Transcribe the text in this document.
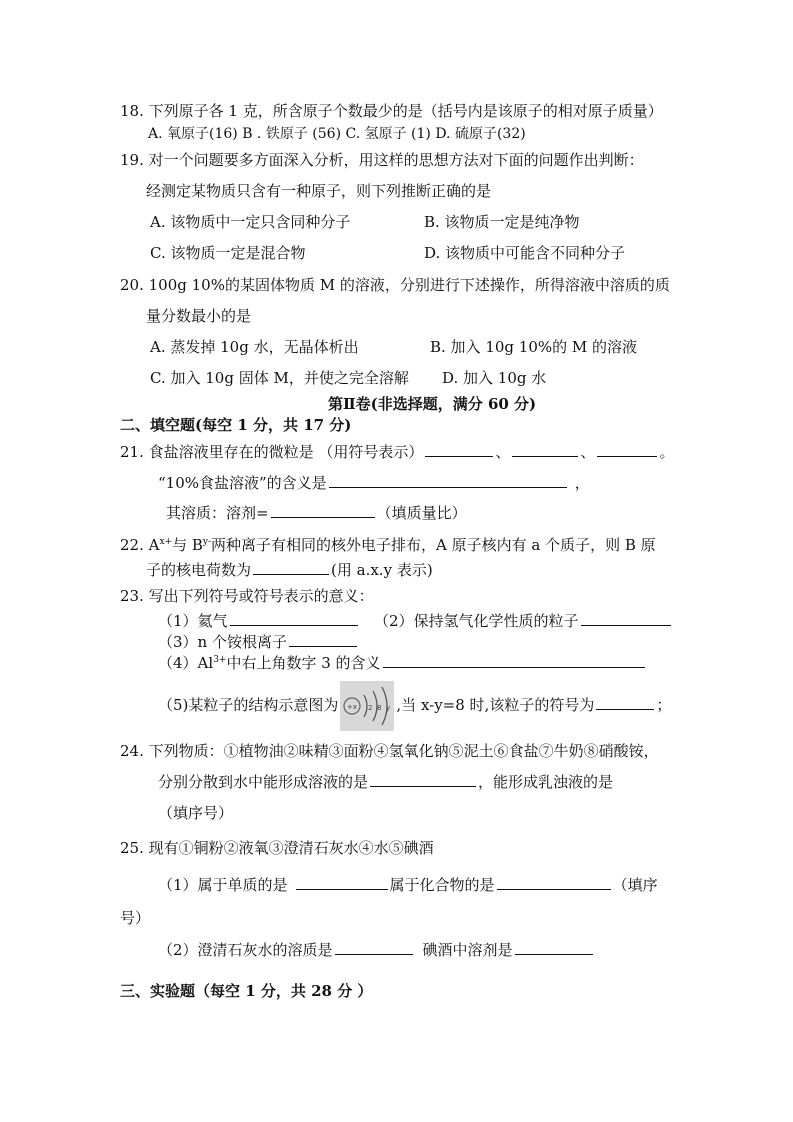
18. 下列原子各 1 克，所含原子个数最少的是（括号内是该原子的相对原子质量）
A. 氧原子(16) B . 铁原子 (56) C. 氢原子 (1) D. 硫原子(32)
19. 对一个问题要多方面深入分析，用这样的思想方法对下面的问题作出判断：
经测定某物质只含有一种原子，则下列推断正确的是
A. 该物质中一定只含同种分子	B. 该物质一定是纯净物
C. 该物质一定是混合物	D. 该物质中可能含不同种分子
20. 100g 10%的某固体物质 M 的溶液，分别进行下述操作，所得溶液中溶质的质
量分数最小的是
A. 蒸发掉 10g 水，无晶体析出	B. 加入 10g 10%的 M 的溶液
C. 加入 10g 固体 M，并使之完全溶解 D. 加入 10g 水
第Ⅱ卷(非选择题，满分 60 分)
二、填空题(每空 1 分，共 17 分)
21. 食盐溶液里存在的微粒是 （用符号表示）	、	、	。
“10%食盐溶液”的含义是	，
其溶质：溶剂=	（填质量比）
22. $A^{x+}$与 $B^{y-}$两种离子有相同的核外电子排布，A 原子核内有 a 个质子，则 B 原
子的核电荷数为	(用 a.x.y 表示)
23. 写出下列符号或符号表示的意义：
（1）氦气	（2）保持氢气化学性质的粒子
（3）n 个铵根离子
$(4)Al^{3+}$中右上角数字 3 的含义
（5)某粒子的结构示意图为 +x 2 8 y ,当 x-y=8 时,该粒子的符号为	；
24. 下列物质：①植物油②味精③面粉④氢氧化钠⑤泥土⑥食盐⑦牛奶⑧硝酸铵，
分别分散到水中能形成溶液的是	，能形成乳浊液的是
（填序号）
25. 现有①铜粉②液氧③澄清石灰水④水⑤碘酒
（1）属于单质的是	属于化合物的是	（填序
号）
（2）澄清石灰水的溶质是	碘酒中溶剂是
三、实验题（每空 1 分，共 28 分 ）
